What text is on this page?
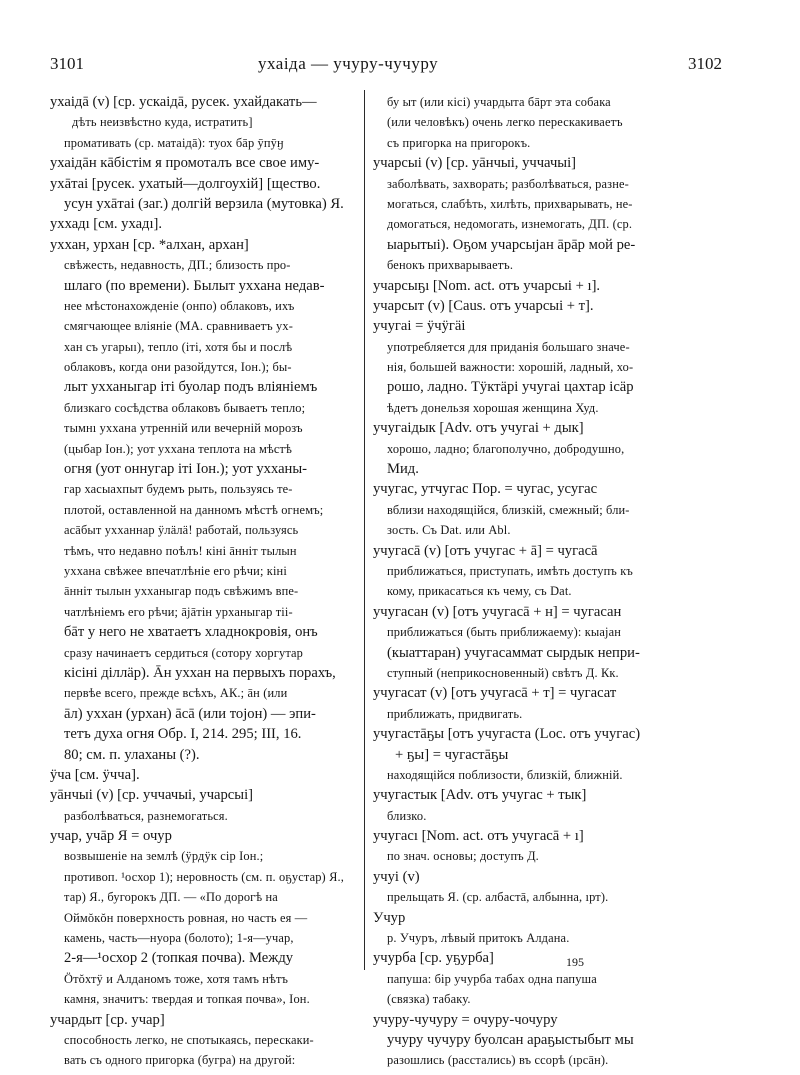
3101	ухаіда — учуру-чучуру	3102
ухаідā (v) [ср. ускаідā, русек. ухайдакать—
дѣть неизвѣстно куда, истратить]
промативать (ср. матаідā): туох бāр ӯпӯӈ
ухаідāн кāбiстiм я промоталъ все свое иму-
ухāтаі [русек. ухатый—долгоухiй] [щество.
усун ухāтаі (заг.) долгiй верзила (мутовка) Я.
уххадı [см. ухадı].
уххан, урхан [ср. *алхан, архан]
свѣжесть, недавность, ДП.; близость про-
шлаго (по времени). Былыт ухханa недав-
нее мѣстонахожденiе (онпо) облаковъ, ихъ
смягчающее влiянiе (МА. сравниваетъ ух-
хан съ угарыı), тепло (iтi, хотя бы и послѣ
облаковъ, когда они разойдутся, Іон.); бы-
лыт ухханыгар iтi буолар подъ влiянiемъ
близкаго сосѣдства облаковъ бываетъ тепло;
тымнı ухханa утреннiй или вечернiй морозъ
(цыбар Іон.); уот ухханa теплота на мѣстѣ
огня (уот оннугар iтi Іон.); уот ухханы-
гар хасыахпыт будемъ рыть, пользуясь те-
плотой, оставленной на данномъ мѣстѣ огнемъ;
асāбыт ухханнар ӱлäлä! работай, пользуясь
тѣмъ, что недавно поѣлъ! кiнi āннiт тылын
ухханa свѣжее впечатлѣнiе его рѣчи; кiнi
āннiт тылын ухханыгар подъ свѣжимъ впе-
чатлѣнiемъ его рѣчи; āјāтiн урханыгар тiі-
бāт у него не хватаетъ хладнокровiя, онъ
сразу начинаетъ сердиться (сотору хоргутар
кiсiнi дiллäр). Āн уххан на первыхъ порахъ,
первѣе всего, прежде всѣхъ, АК.; āн (или
āл) уххан (урхан) āсā (или тојон) — эпи-
тетъ духа огня Обр. I, 214. 295; III, 16.
80; см. п. улаханы (?).
ӱча [см. ӱчча].
уāнчыi (v) [ср. уччачыi, учарсыi]
разболѣваться, разнемогаться.
учар, учāр Я = очур
возвышенiе на землѣ (ӱрдӱк сiр Іон.;
противоп. ¹осхор 1); неровность (см. п. оҕустар) Я.,
тар) Я., бугорокъ ДП. — «По дорогѣ на
Оймŏкŏн поверхность ровная, но часть ея —
камень, часть—нуора (болото); 1-я—учар,
2-я—¹осхор 2 (топкая почва). Между
Ӧтŏхтӱ и Алданомъ тоже, хотя тамъ нѣтъ
камня, значитъ: твердая и топкая почва», Іон.
учардыт [ср. учар]
способность легко, не спотыкаясь, перескаки-
вать съ одного пригорка (бугра) на другой:
бу ыт (или кiсi) учардыта бāрт эта собака
(или человѣкъ) очень легко перескакиваетъ
съ пригорка на пригорокъ.
учарсыi (v) [ср. уāнчыi, уччачыi]
заболѣвать, захворать; разболѣваться, разне-
могаться, слабѣть, хилѣть, прихварывать, не-
домогаться, недомогать, изнемогать, ДП. (ср.
ыарытыi). Оҕом учарсыјан āрāр мой ре-
бенокъ прихварываетъ.
учарсыҕı [Nom. act. отъ учарсыi + ı].
учарсыт (v) [Caus. отъ учарсыi + т].
учугаі = ӱчӱгäi
употребляется для приданiя большаго значе-
нiя, большей важности: хорошiй, ладный, хо-
рошо, ладно. Тӱктäрi учугаі цахтар iсäр
ѣдетъ донельзя хорошая женщина Худ.
учугаідык [Adv. отъ учугаі + дык]
хорошо, ладно; благополучно, добродушно,
Мид.
учугас, утчугас Пор. = чугас, усугас
вблизи находящiйся, близкiй, смежный; бли-
зость. Съ Dat. или Abl.
учугасā (v) [отъ учугас + ā] = чугасā
приближаться, приступать, имѣть доступъ къ
кому, прикасаться къ чему, съ Dat.
учугасан (v) [отъ учугасā + н] = чугасан
приближаться (быть приближаему): кыајан
(кыаттаран) учугасаммат сырдык непри-
ступный (неприкосновенный) свѣтъ Д. Кк.
учугасат (v) [отъ учугасā + т] = чугасат
приближать, придвигать.
учугастāҕы [отъ учугаста (Loc. отъ учугас)
+ ҕы] = чугастāҕы
находящiйся поблизости, близкiй, ближнiй.
учугастык [Adv. отъ учугас + тык]
близко.
учугасı [Nom. act. отъ учугасā + ı]
по знач. основы; доступъ Д.
учуі (v)
прельщать Я. (ср. албастā, албынна, ıрт).
Учур
р. Учуръ, лѣвый притокъ Алдана.
учурба [ср. уҕурба]
папуша: бiр учурба табах одна папуша
(связка) табаку.
учуру-чучуру = очуру-чочуру
учуру чучуру буолсан араҕыстыбыт мы
разошлись (расстались) въ ссорѣ (ıрсāн).
195
